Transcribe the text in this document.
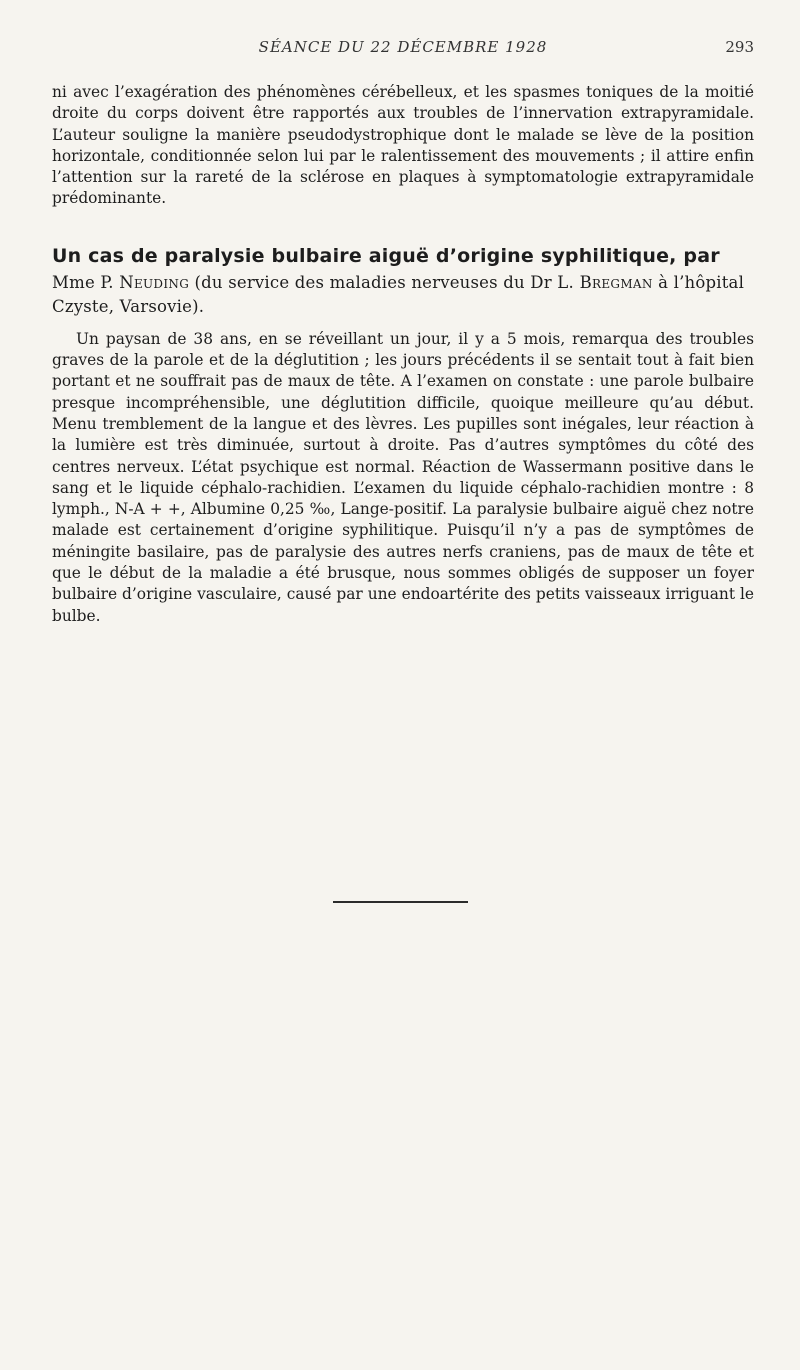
SÉANCE DU 22 DÉCEMBRE 1928	293

ni avec l’exagération des phénomènes cérébelleux, et les spasmes toniques de la moitié droite du corps doivent être rapportés aux troubles de l’innervation extrapyramidale. L’auteur souligne la manière pseudodystrophique dont le malade se lève de la position horizontale, conditionnée selon lui par le ralentissement des mouvements ; il attire enfin l’attention sur la rareté de la sclérose en plaques à symptomatologie extrapyramidale prédominante.

Un cas de paralysie bulbaire aiguë d’origine syphilitique, par
Mme P. Neuding (du service des maladies nerveuses du Dr L. Bregman à l’hôpital Czyste, Varsovie).

Un paysan de 38 ans, en se réveillant un jour, il y a 5 mois, remarqua des troubles graves de la parole et de la déglutition ; les jours précédents il se sentait tout à fait bien portant et ne souffrait pas de maux de tête. A l’examen on constate : une parole bulbaire presque incompréhensible, une déglutition difficile, quoique meilleure qu’au début. Menu tremblement de la langue et des lèvres. Les pupilles sont inégales, leur réaction à la lumière est très diminuée, surtout à droite. Pas d’autres symptômes du côté des centres nerveux. L’état psychique est normal. Réaction de Wassermann positive dans le sang et le liquide céphalo-rachidien. L’examen du liquide céphalo-rachidien montre : 8 lymph., N-A + +, Albumine 0,25 ‰, Lange-positif. La paralysie bulbaire aiguë chez notre malade est certainement d’origine syphilitique. Puisqu’il n’y a pas de symptômes de méningite basilaire, pas de paralysie des autres nerfs craniens, pas de maux de tête et que le début de la maladie a été brusque, nous sommes obligés de supposer un foyer bulbaire d’origine vasculaire, causé par une endoartérite des petits vaisseaux irriguant le bulbe.
